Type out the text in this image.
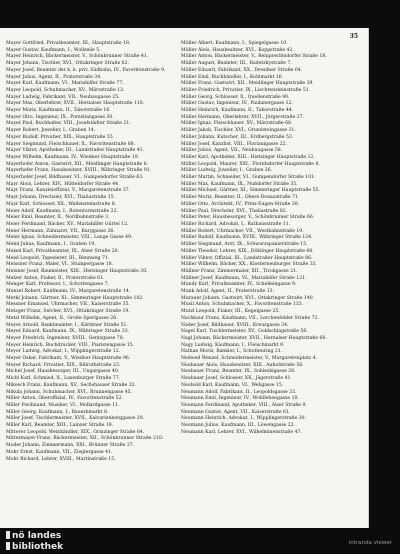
35

Mayer Gottfried, Privatbeamter, III., Hauptstraße 18.

Mayer Gustav, Kaufmann, I., Wollzeile 5.

Mayer Heinrich, Bäckermeister, V., Schönbrunner Straße 41.

Mayer Johann, Tischler, XVI., Ottakringer Straße 62.

Mayer Josef, Beamter der k. k. priv. Südbahn, IV., Favoritenstraße 9.

Mayer Julius, Agent, II., Praterstraße 34.

Mayer Karl, Kaufmann, VI., Mariahilfer Straße 77.

Mayer Leopold, Schuhmacher, XV., Märzstraße 12.

Mayer Ludwig, Fabrikant, VII., Neubaugasse 25.

Mayer Max, Oberlehrer, XVII., Hernalser Hauptstraße 110.

Mayer Moriz, Kaufmann, II., Taborstraße 16.

Mayer Otto, Ingenieur, IX., Porzellangasse 30.

Mayer Paul, Buchhalter, VIII., Josefstädter Straße 21.

Mayer Robert, Juwelier, I., Graben 14.

Mayer Rudolf, Privatier, XIX., Hauptstraße 55.

Mayer Siegmund, Fleischhauer, X., Favoritenstraße 88.

Mayer Viktor, Apotheker, III., Landstraßer Hauptstraße 41.

Mayer Wilhelm, Kaufmann, IV., Wiedner Hauptstraße 19.

Mayerhofer Anton, Gastwirt, XII., Meidlinger Hauptstraße 6.

Mayerhofer Franz, Hausbesitzer, XVIII., Währinger Straße 91.

Mayerhofer Josef, Bildhauer, VI., Gumpendorfer Straße 63.

Mayr Alois, Lehrer, XIV., Hütteldorfer Straße 44.

Mayr Franz, Kanzleioffizial, V., Margaretenstraße 37.

Mayr Johann, Drechsler, XVI., Thaliastraße 15.

Mayr Karl, Schlosser, XX., Wallensteinstraße 8.

Meier Adolf, Kaufmann, I., Rotenturmstraße 22.

Meier Emil, Beamter, II., Nordbahnstraße 3.

Meier Ferdinand, Bäcker, XV., Mariahilfer Gürtel 12.

Meier Hermann, Zahnarzt, VII., Burggasse 26.

Meier Ignaz, Schneidermeister, VIII., Lange Gasse 49.

Meinl Julius, Kaufmann, I., Graben 19.

Meisel Karl, Privatbeamter, IX., Alser Straße 20.

Meisl Leopold, Tapezierer, III., Rennweg 71.

Meissner Franz, Maler, VI., Stumpergasse 18.

Meixner Josef, Baumeister, XIII., Hietzinger Hauptstraße 30.

Melzer Anton, Fiaker, II., Praterstraße 61.

Menger Karl, Professor, I., Schottengasse 7.

Menzel Robert, Kaufmann, IV., Margaretenstraße 14.

Merkl Johann, Gärtner, XI., Simmeringer Hauptstraße 102.

Messner Emanuel, Uhrmacher, VII., Kaiserstraße 35.

Metzger Franz, Selcher, XVI., Ottakringer Straße 19.

Metzl Wilhelm, Agent, II., Große Sperlgasse 28.

Meyer Arnold, Bankbeamter, I., Kärntner Straße 51.

Meyer Eduard, Kaufmann, IX., Währinger Straße 33.

Meyer Friedrich, Ingenieur, XVIII., Gentzgasse 70.

Meyer Heinrich, Buchdrucker, VIII., Piaristengasse 15.

Meyer Ludwig, Advokat, I., Wipplingerstraße 12.

Meyer Oskar, Fabrikant, V., Wiedner Hauptstraße 96.

Meyer Richard, Privatier, XIX., Billrothstraße 23.

Michel Josef, Hausbesorger, III., Ungargasse 40.

Michl Karl, Schmied, X., Laxenburger Straße 77.

Mikesch Franz, Kaufmann, XV., Sechshauser Straße 32.

Mikula Johann, Schuhmacher, XVI., Brunnengasse 45.

Miller Anton, Oberoffizial, IV., Favoritenstraße 52.

Miller Ferdinand, Musiker, VI., Mollardgasse 11.

Miller Georg, Kaufmann, I., Bauernmarkt 8.

Miller Josef, Tischlermeister, XVII., Kalvarienberggasse 29.

Miller Karl, Beamter, XIII., Lainzer Straße 18.

Mitterer Leopold, Weinhändler, XIX., Grinzinger Straße 64.

Mittermayer Franz, Bäckermeister, XII., Schönbrunner Straße 210.

Moder Johann, Zimmermann, XXI., Brünner Straße 37.

Mohr Ernst, Kaufmann, VII., Zieglergasse 41.

Mohr Richard, Lehrer, XVIII., Martinstraße 15.

Müller Albert, Kaufmann, I., Spiegelgasse 10.

Müller Alois, Hausbesitzer, XVI., Koppstraße 42.

Müller Anton, Bäckermeister, V., Reinprechtsdorfer Straße 18.

Müller August, Beamter, III., Radetzkystraße 7.

Müller Eduard, Fabrikant, XX., Dresdner Straße 64.

Müller Emil, Buchhändler, I., Kohlmarkt 16.

Müller Franz, Gastwirt, XII., Meidlinger Hauptstraße 39.

Müller Friedrich, Privatier, IX., Liechtensteinstraße 51.

Müller Georg, Schlosser, X., Quellenstraße 90.

Müller Gustav, Ingenieur, IV., Paulanergasse 12.

Müller Heinrich, Kaufmann, II., Taborstraße 44.

Müller Hermann, Oberlehrer, XVII., Jörgerstraße 27.

Müller Ignaz, Fleischhauer, XV., Märzstraße 68.

Müller Jakob, Tischler, XVI., Grundsteingasse 31.

Müller Johann, Kutscher, III., Erdbergstraße 53.

Müller Josef, Kanzlist, VIII., Florianigasse 22.

Müller Julius, Agent, VII., Neubaugasse 58.

Müller Karl, Apotheker, XIII., Hietzinger Hauptstraße 12.

Müller Leopold, Maurer, XXI., Floridsdorfer Hauptstraße 8.

Müller Ludwig, Juwelier, I., Graben 26.

Müller Martin, Schneider, VI., Gumpendorfer Straße 101.

Müller Max, Kaufmann, IX., Nußdorfer Straße 35.

Müller Michael, Gärtner, XI., Simmeringer Hauptstraße 55.

Müller Moriz, Beamter, II., Obere Donaustraße 71.

Müller Otto, Architekt, IV., Prinz-Eugen-Straße 30.

Müller Paul, Drechsler, XVI., Thaliastraße 82.

Müller Peter, Hausbesorger, V., Schönbrunner Straße 66.

Müller Richard, Advokat, I., Rathausstraße 11.

Müller Robert, Uhrmacher, VII., Westbahnstraße 19.

Müller Rudolf, Kaufmann, XVIII., Währinger Straße 124.

Müller Siegmund, Arzt, IX., Schwarzspanierstraße 15.

Müller Theodor, Lehrer, XIX., Döblinger Hauptstraße 48.

Müller Viktor, Offizial, III., Landstraßer Hauptstraße 86.

Müller Wilhelm, Bäcker, XX., Klosterneuburger Straße 33.

Müllner Franz, Zimmermaler, XII., Tivoligasse 21.

Müllner Josef, Kaufmann, VI., Mariahilfer Straße 121.

Mundy Karl, Privatbeamter, IV., Schelleingasse 9.

Munk Adolf, Agent, II., Praterstraße 13.

Murauer Johann, Gastwirt, XVI., Ottakringer Straße 140.

Musil Anton, Schuhmacher, X., Favoritenstraße 133.

Mutzl Leopold, Fiaker, III., Kegelgasse 25.

Nachbaur Franz, Kaufmann, VII., Lerchenfelder Straße 72.

Nader Josef, Bildhauer, XVIII., Kreuzgasse 34.

Nagel Karl, Tischlermeister, XV., Goldschlagstraße 56.

Nagl Johann, Bäckermeister, XVII., Hernalser Hauptstraße 66.

Nagy Ludwig, Kaufmann, I., Fleischmarkt 9.

Nathan Moriz, Bankier, I., Schottenring 21.

Nedwed Wenzel, Schneidermeister, V., Margaretenplatz 4.

Neubauer Alois, Hausbesitzer, XIII., Auhofstraße 58.

Neubauer Franz, Beamter, IX., Sobieskigasse 28.

Neubauer Josef, Schlosser, XX., Jägerstraße 41.

Neuhold Karl, Kaufmann, VI., Webgasse 15.

Neumann Adolf, Fabrikant, II., Leopoldsgasse 33.

Neumann Emil, Ingenieur, IV., Wohllebengasse 10.

Neumann Ferdinand, Apotheker, VIII., Alser Straße 9.

Neumann Gustav, Agent, VII., Kaiserstraße 61.

Neumann Heinrich, Advokat, I., Wipplingerstraße 30.

Neumann Julius, Kaufmann, III., Löwengasse 22.

Neumann Karl, Lehrer, XVI., Wilhelminenstraße 47.

nö landes
bibliothek	intranda viewer
